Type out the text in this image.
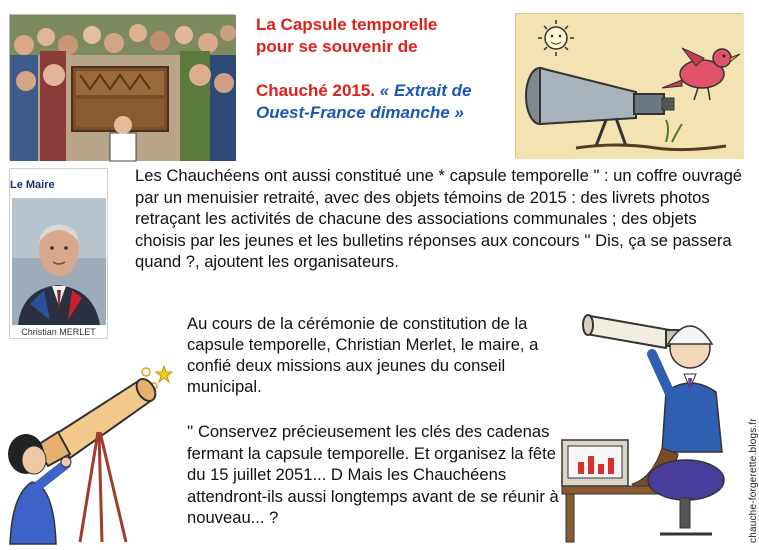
La Capsule temporelle
pour se souvenir de
Chauché 2015. « Extrait de
Ouest-France dimanche »
Le Maire
Christian MERLET

Les Chauchéens ont aussi constitué une * capsule temporelle " : un coffre ouvragé par un menuisier retraité, avec des objets témoins de 2015 : des livrets photos retraçant les activités de chacune des associations communales ; des objets choisis par les jeunes et les bulletins réponses aux concours '' Dis, ça se passera quand ?, ajoutent les organisateurs.

Au cours de la cérémonie de constitution de la capsule temporelle, Christian Merlet, le maire, a confié deux missions aux jeunes du conseil municipal.

'' Conservez précieusement les clés des cadenas fermant la capsule temporelle. Et organisez la fête du 15 juillet 2051... D Mais les Chauchéens attendront-ils aussi longtemps avant de se réunir à nouveau... ?	chauche-forgerette.blogs.fr
